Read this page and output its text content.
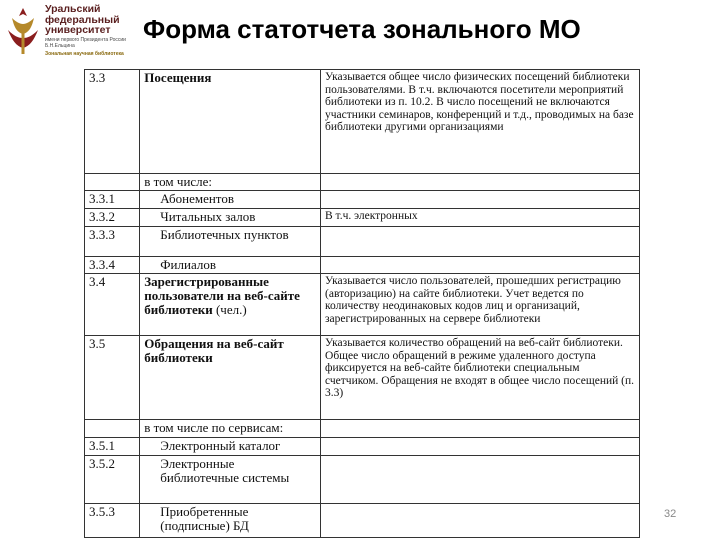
Уральский
федеральный
университет
имени первого Президента России Б.Н.Ельцина
Зональная научная библиотека
Форма статотчета зонального МО
3.3	Посещения	Указывается общее число физических посещений библиотеки пользователями. В т.ч. включаются посетители мероприятий библиотеки из п. 10.2. В число посещений не включаются участники семинаров, конференций и т.д., проводимых на базе библиотеки другими организациями
	в том числе:	
3.3.1	Абонементов	
3.3.2	Читальных залов	В т.ч. электронных
3.3.3	Библиотечных пунктов	
3.3.4	Филиалов	
3.4	Зарегистрированные пользователи на веб-сайте библиотеки (чел.)	Указывается число пользователей, прошедших регистрацию (авторизацию) на сайте библиотеки. Учет ведется по количеству неодинаковых кодов лиц и организаций, зарегистрированных на сервере библиотеки
3.5	Обращения на веб-сайт библиотеки	Указывается количество обращений на веб-сайт библиотеки. Общее число обращений в режиме удаленного доступа фиксируется на веб-сайте библиотеки специальным счетчиком. Обращения не входят в общее число посещений (п. 3.3)
	в том числе по сервисам:	
3.5.1	Электронный каталог	
3.5.2	Электронные библиотечные системы	
3.5.3	Приобретенные (подписные) БД	
32
